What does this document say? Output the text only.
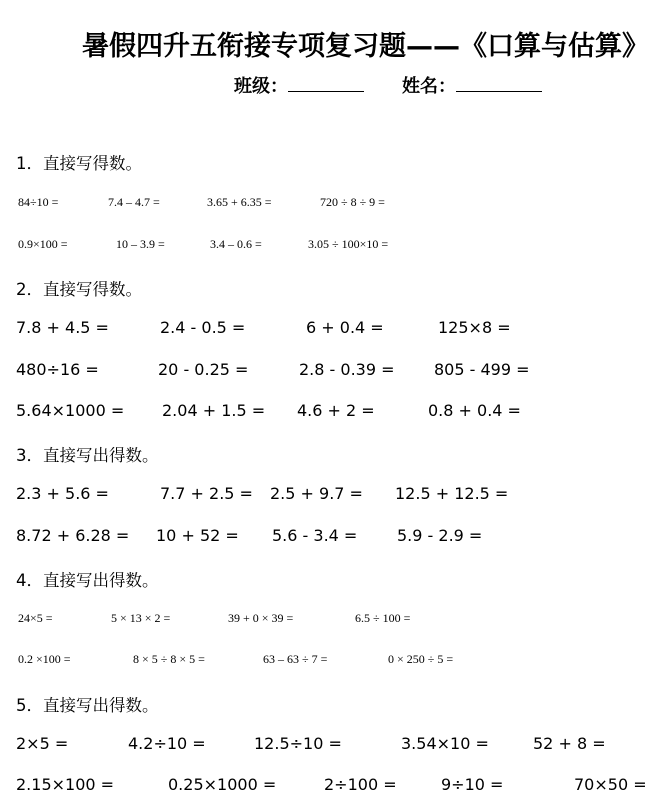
暑假四升五衔接专项复习题——《口算与估算》
班级：	姓名：
1．直接写得数。
84÷10 =	7.4 – 4.7 =	3.65 + 6.35 =	720 ÷ 8 ÷ 9 =
0.9×100 =	10 – 3.9 =	3.4 – 0.6 =	3.05 ÷ 100×10 =
2．直接写得数。
7.8 + 4.5 =	2.4 - 0.5 =	6 + 0.4 =	125×8 =
480÷16 =	20 - 0.25 =	2.8 - 0.39 = 805 - 499 =
5.64×1000 = 2.04 + 1.5 = 4.6 + 2 =	0.8 + 0.4 =
3．直接写出得数。
2.3 + 5.6 =	7.7 + 2.5 = 2.5 + 9.7 = 12.5 + 12.5 =
8.72 + 6.28 = 10 + 52 = 5.6 - 3.4 = 5.9 - 2.9 =
4．直接写出得数。
24×5 =	5 × 13 × 2 =	39 + 0 × 39 =	6.5 ÷ 100 =
0.2 ×100 =	8 × 5 ÷ 8 × 5 =	63 – 63 ÷ 7 =	0 × 250 ÷ 5 =
5．直接写出得数。
2×5 =	4.2÷10 =	12.5÷10 =	3.54×10 =	52 + 8 =
2.15×100 =	0.25×1000 =	2÷100 =	9÷10 =	70×50 =
